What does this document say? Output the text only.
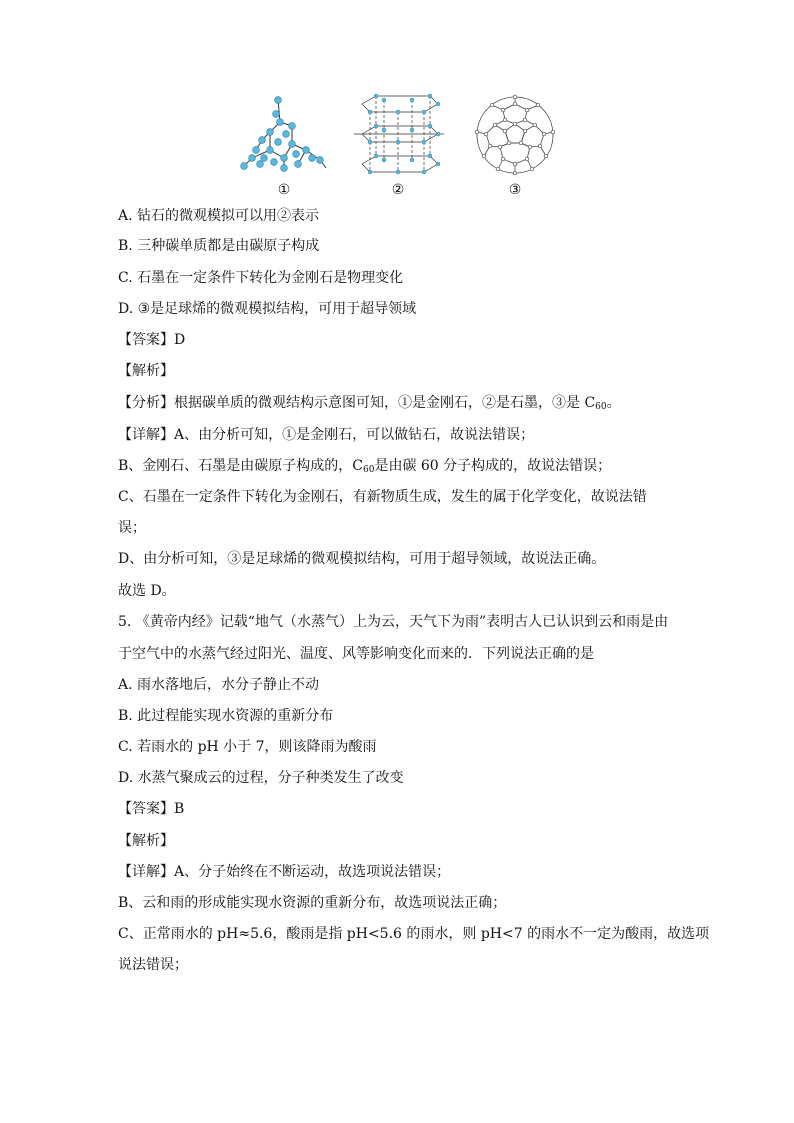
①	②	③
A. 钻石的微观模拟可以用②表示
B. 三种碳单质都是由碳原子构成
C. 石墨在一定条件下转化为金刚石是物理变化
D. ③是足球烯的微观模拟结构，可用于超导领域
【答案】D
【解析】
【分析】根据碳单质的微观结构示意图可知，①是金刚石，②是石墨，③是 $C_{60}$。
【详解】A、由分析可知，①是金刚石，可以做钻石，故说法错误；
B、金刚石、石墨是由碳原子构成的，$C_{60}$是由碳 60 分子构成的，故说法错误；
C、石墨在一定条件下转化为金刚石，有新物质生成，发生的属于化学变化，故说法错
误；
D、由分析可知，③是足球烯的微观模拟结构，可用于超导领域，故说法正确。
故选 D。
5. 《黄帝内经》记载“地气（水蒸气）上为云，天气下为雨”表明古人已认识到云和雨是由
于空气中的水蒸气经过阳光、温度、风等影响变化而来的．下列说法正确的是
A. 雨水落地后，水分子静止不动
B. 此过程能实现水资源的重新分布
C. 若雨水的 pH 小于 7，则该降雨为酸雨
D. 水蒸气聚成云的过程，分子种类发生了改变
【答案】B
【解析】
【详解】A、分子始终在不断运动，故选项说法错误；
B、云和雨的形成能实现水资源的重新分布，故选项说法正确；
C、正常雨水的 pH≈5.6，酸雨是指 pH<5.6 的雨水，则 pH<7 的雨水不一定为酸雨，故选项
说法错误；
